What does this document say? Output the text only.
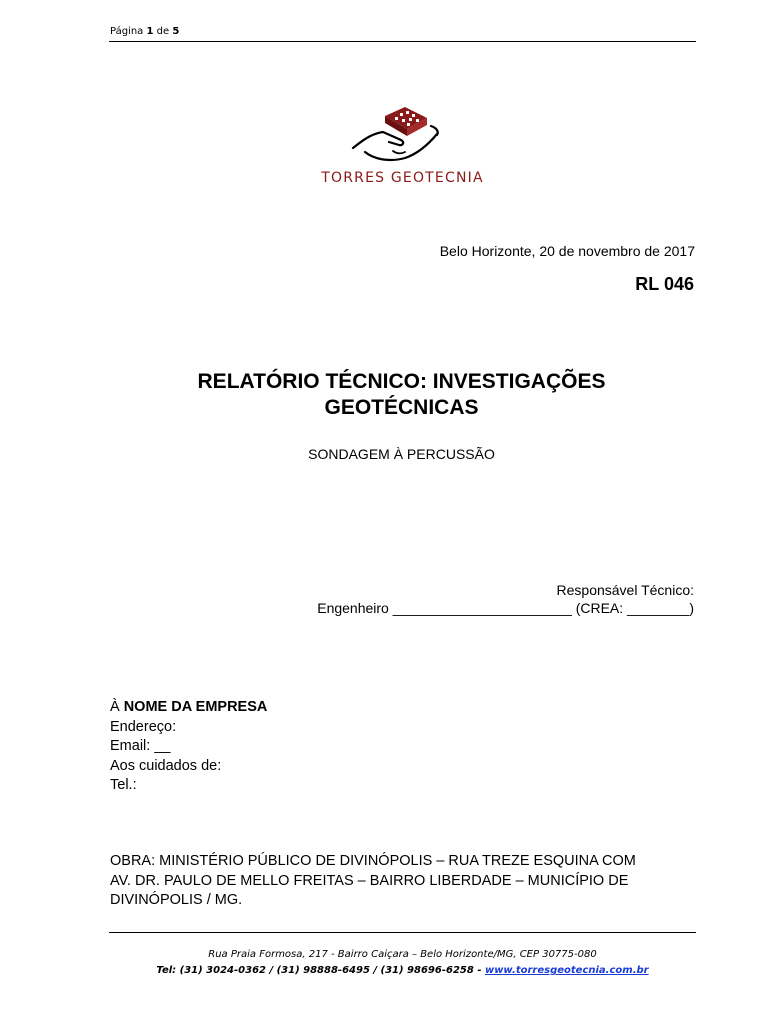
Página 1 de 5
TORRES GEOTECNIA
Belo Horizonte, 20 de novembro de 2017
RL 046
RELATÓRIO TÉCNICO: INVESTIGAÇÕES
GEOTÉCNICAS
SONDAGEM À PERCUSSÃO
Responsável Técnico:
Engenheiro _______________________ (CREA: ________)
À NOME DA EMPRESA
Endereço:
Email: __
Aos cuidados de:
Tel.:
OBRA: MINISTÉRIO PÚBLICO DE DIVINÓPOLIS – RUA TREZE ESQUINA COM
AV. DR. PAULO DE MELLO FREITAS – BAIRRO LIBERDADE – MUNICÍPIO DE
DIVINÓPOLIS / MG.
Rua Praia Formosa, 217 - Bairro Caiçara – Belo Horizonte/MG, CEP 30775-080
Tel: (31) 3024-0362 / (31) 98888-6495 / (31) 98696-6258 - www.torresgeotecnia.com.br
